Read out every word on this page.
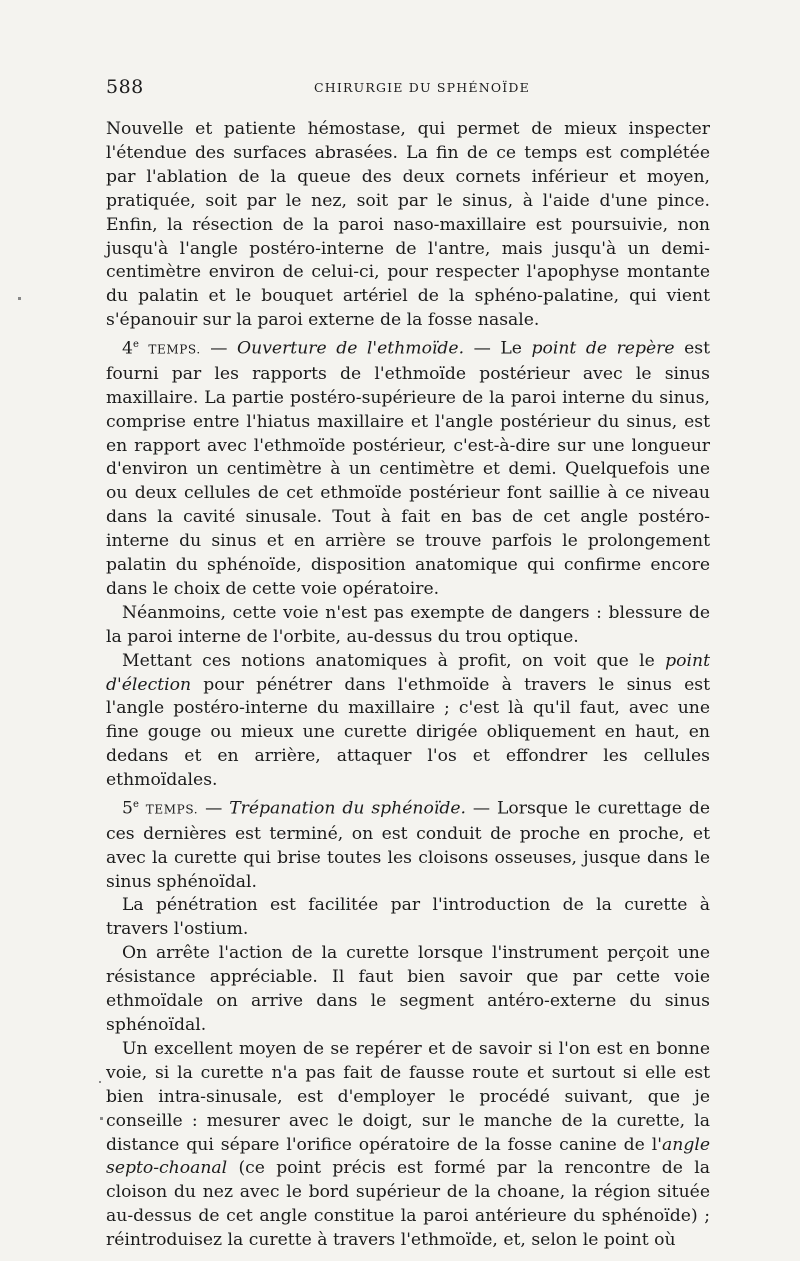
588	CHIRURGIE DU SPHÉNOÏDE

Nouvelle et patiente hémostase, qui permet de mieux inspecter l'étendue des surfaces abrasées. La fin de ce temps est complétée par l'ablation de la queue des deux cornets inférieur et moyen, pratiquée, soit par le nez, soit par le sinus, à l'aide d'une pince. Enfin, la résection de la paroi naso-maxillaire est poursuivie, non jusqu'à l'angle postéro-interne de l'antre, mais jusqu'à un demi-centimètre environ de celui-ci, pour respecter l'apophyse montante du palatin et le bouquet artériel de la sphéno-palatine, qui vient s'épanouir sur la paroi externe de la fosse nasale.

4e TEMPS. — Ouverture de l'ethmoïde. — Le point de repère est fourni par les rapports de l'ethmoïde postérieur avec le sinus maxillaire. La partie postéro-supérieure de la paroi interne du sinus, comprise entre l'hiatus maxillaire et l'angle postérieur du sinus, est en rapport avec l'ethmoïde postérieur, c'est-à-dire sur une longueur d'environ un centimètre à un centimètre et demi. Quelquefois une ou deux cellules de cet ethmoïde postérieur font saillie à ce niveau dans la cavité sinusale. Tout à fait en bas de cet angle postéro-interne du sinus et en arrière se trouve parfois le prolongement palatin du sphénoïde, disposition anatomique qui confirme encore dans le choix de cette voie opératoire.

Néanmoins, cette voie n'est pas exempte de dangers : blessure de la paroi interne de l'orbite, au-dessus du trou optique.

Mettant ces notions anatomiques à profit, on voit que le point d'élection pour pénétrer dans l'ethmoïde à travers le sinus est l'angle postéro-interne du maxillaire ; c'est là qu'il faut, avec une fine gouge ou mieux une curette dirigée obliquement en haut, en dedans et en arrière, attaquer l'os et effondrer les cellules ethmoïdales.

5e TEMPS. — Trépanation du sphénoïde. — Lorsque le curettage de ces dernières est terminé, on est conduit de proche en proche, et avec la curette qui brise toutes les cloisons osseuses, jusque dans le sinus sphénoïdal.

La pénétration est facilitée par l'introduction de la curette à travers l'ostium.

On arrête l'action de la curette lorsque l'instrument perçoit une résistance appréciable. Il faut bien savoir que par cette voie ethmoïdale on arrive dans le segment antéro-externe du sinus sphénoïdal.

Un excellent moyen de se repérer et de savoir si l'on est en bonne voie, si la curette n'a pas fait de fausse route et surtout si elle est bien intra-sinusale, est d'employer le procédé suivant, que je conseille : mesurer avec le doigt, sur le manche de la curette, la distance qui sépare l'orifice opératoire de la fosse canine de l'angle septo-choanal (ce point précis est formé par la rencontre de la cloison du nez avec le bord supérieur de la choane, la région située au-dessus de cet angle constitue la paroi antérieure du sphénoïde) ; réintroduisez la curette à travers l'ethmoïde, et, selon le point où
